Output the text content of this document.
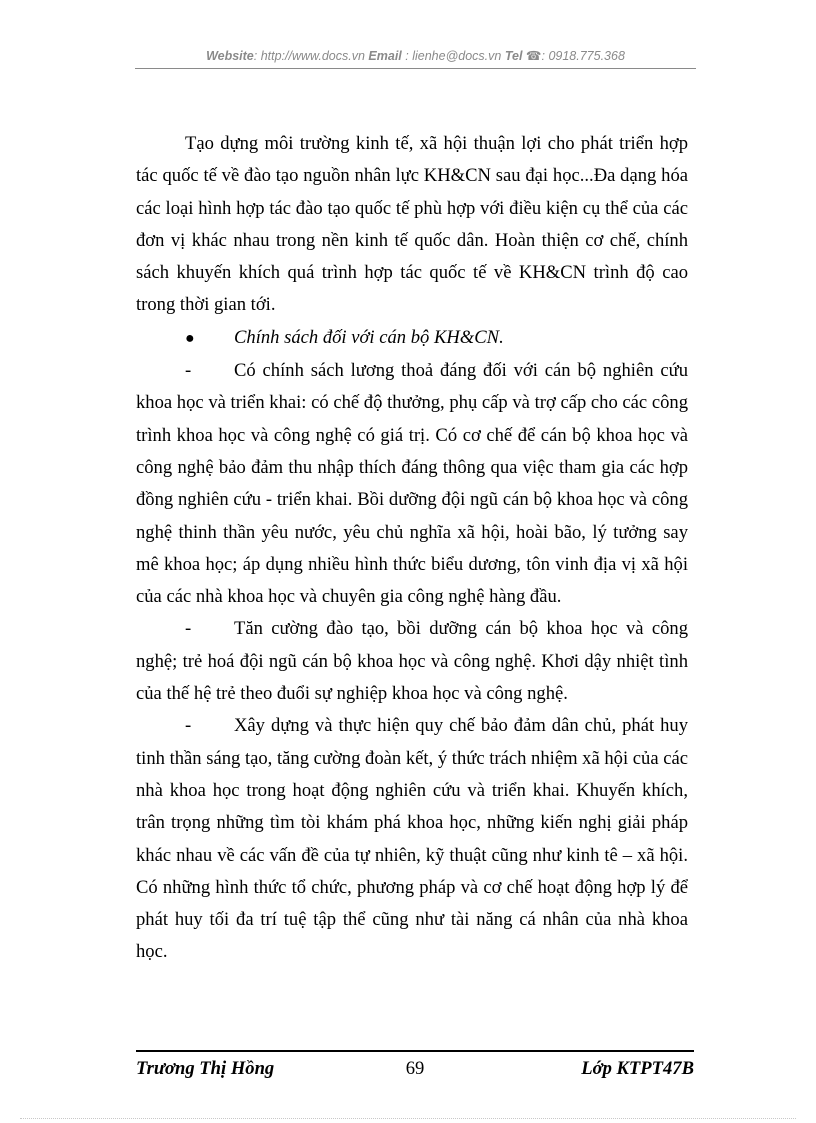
Website: http://www.docs.vn Email : lienhe@docs.vn Tel ☎: 0918.775.368

Tạo dựng môi trường kinh tế, xã hội thuận lợi cho phát triển hợp tác quốc tế về đào tạo nguồn nhân lực KH&CN sau đại học...Đa dạng hóa các loại hình hợp tác đào tạo quốc tế phù hợp với điều kiện cụ thể của các đơn vị khác nhau trong nền kinh tế quốc dân. Hoàn thiện cơ chế, chính sách khuyến khích quá trình hợp tác quốc tế về KH&CN trình độ cao trong thời gian tới.

●	Chính sách đối với cán bộ KH&CN.

- Có chính sách lương thoả đáng đối với cán bộ nghiên cứu khoa học và triển khai: có chế độ thưởng, phụ cấp và trợ cấp cho các công trình khoa học và công nghệ có giá trị. Có cơ chế để cán bộ khoa học và công nghệ bảo đảm thu nhập thích đáng thông qua việc tham gia các hợp đồng nghiên cứu - triển khai. Bồi dưỡng đội ngũ cán bộ khoa học và công nghệ thinh thần yêu nước, yêu chủ nghĩa xã hội, hoài bão, lý tưởng say mê khoa học; áp dụng nhiều hình thức biểu dương, tôn vinh địa vị xã hội của các nhà khoa học và chuyên gia công nghệ hàng đầu.

- Tăn cường đào tạo, bồi dưỡng cán bộ khoa học và công nghệ; trẻ hoá đội ngũ cán bộ khoa học và công nghệ. Khơi dậy nhiệt tình của thế hệ trẻ theo đuổi sự nghiệp khoa học và công nghệ.

- Xây dựng và thực hiện quy chế bảo đảm dân chủ, phát huy tinh thần sáng tạo, tăng cường đoàn kết, ý thức trách nhiệm xã hội của các nhà khoa học trong hoạt động nghiên cứu và triển khai. Khuyến khích, trân trọng những tìm tòi khám phá khoa học, những kiến nghị giải pháp khác nhau về các vấn đề của tự nhiên, kỹ thuật cũng như kinh tê – xã hội. Có những hình thức tổ chức, phương pháp và cơ chế hoạt động hợp lý để phát huy tối đa trí tuệ tập thể cũng như tài năng cá nhân của nhà khoa học.

Trương Thị Hồng	69	Lớp KTPT47B
